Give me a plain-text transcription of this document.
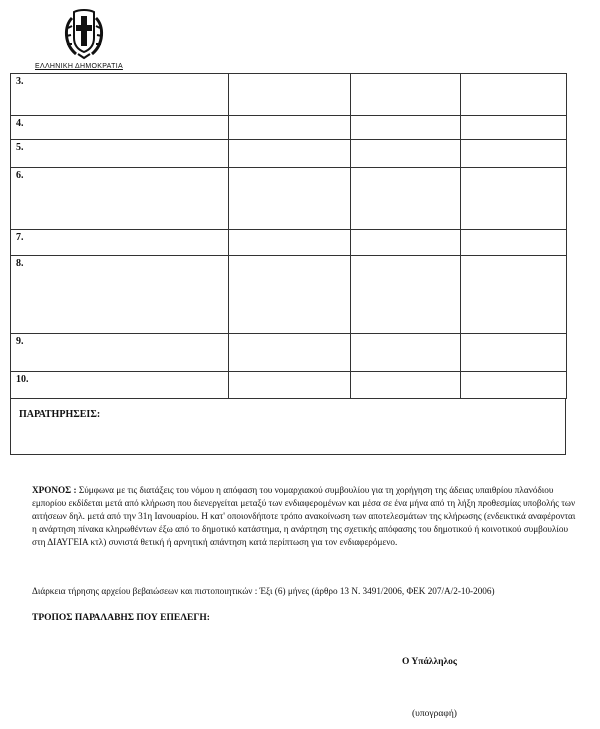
ΕΛΛΗΝΙΚΗ ΔΗΜΟΚΡΑΤΙΑ
3.			
4.			
5.			
6.			
7.			
8.			
9.			
10.			
ΠΑΡΑΤΗΡΗΣΕΙΣ:
ΧΡΟΝΟΣ : Σύμφωνα με τις διατάξεις του νόμου η απόφαση του νομαρχιακού συμβουλίου για τη χορήγηση της άδειας υπαιθρίου πλανόδιου εμπορίου εκδίδεται μετά από κλήρωση που διενεργείται μεταξύ των ενδιαφερομένων και μέσα σε ένα μήνα από τη λήξη προθεσμίας υποβολής των αιτήσεων δηλ. μετά από την 31η Ιανουαρίου. Η κατ' οποιονδήποτε τρόπο ανακοίνωση των αποτελεσμάτων της κλήρωσης (ενδεικτικά αναφέρονται η ανάρτηση πίνακα κληρωθέντων έξω από το δημοτικό κατάστημα, η ανάρτηση της σχετικής απόφασης του δημοτικού ή κοινοτικού συμβουλίου στη ΔΙΑΥΓΕΙΑ κτλ) συνιστά θετική ή αρνητική απάντηση κατά περίπτωση για τον ενδιαφερόμενο.
Διάρκεια τήρησης αρχείου βεβαιώσεων και πιστοποιητικών : Έξι (6) μήνες (άρθρο 13 Ν. 3491/2006, ΦΕΚ 207/Α/2-10-2006)
ΤΡΟΠΟΣ ΠΑΡΑΛΑΒΗΣ ΠΟΥ ΕΠΕΛΕΓΗ:
Ο Υπάλληλος
(υπογραφή)
